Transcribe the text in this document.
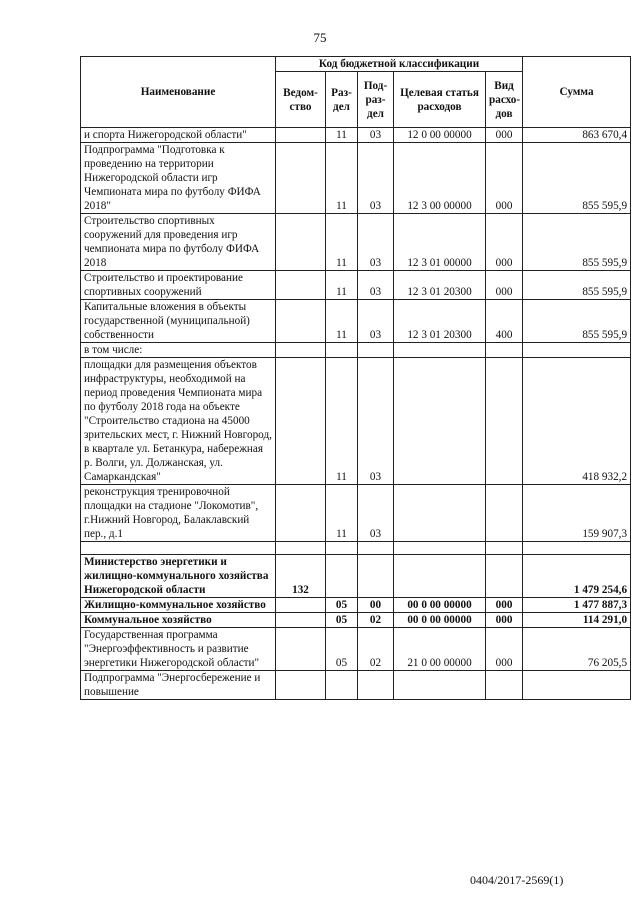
75
Наименование	Код бюджетной классификации					Сумма
	Ведом-ство	Раз-дел	Под-раз-дел	Целевая статья расходов	Вид расхо-дов	
и спорта Нижегородской области"		11	03	12 0 00 00000	000	863 670,4
Подпрограмма "Подготовка к проведению на территории Нижегородской области игр Чемпионата мира по футболу ФИФА 2018"		11	03	12 3 00 00000	000	855 595,9
Строительство спортивных сооружений для проведения игр чемпионата мира по футболу ФИФА 2018		11	03	12 3 01 00000	000	855 595,9
Строительство и проектирование спортивных сооружений		11	03	12 3 01 20300	000	855 595,9
Капитальные вложения в объекты государственной (муниципальной) собственности		11	03	12 3 01 20300	400	855 595,9
в том числе:						
площадки для размещения объектов инфраструктуры, необходимой на период проведения Чемпионата мира по футболу 2018 года на объекте "Строительство стадиона на 45000 зрительских мест, г. Нижний Новгород, в квартале ул. Бетанкура, набережная р. Волги, ул. Должанская, ул. Самаркандская"		11	03			418 932,2
реконструкция тренировочной площадки на стадионе "Локомотив", г.Нижний Новгород, Балаклавский пер., д.1		11	03			159 907,3

Министерство энергетики и жилищно-коммунального хозяйства Нижегородской области	132					1 479 254,6
Жилищно-коммунальное хозяйство		05	00	00 0 00 00000	000	1 477 887,3
Коммунальное хозяйство		05	02	00 0 00 00000	000	114 291,0
Государственная программа "Энергоэффективность и развитие энергетики Нижегородской области"		05	02	21 0 00 00000	000	76 205,5
Подпрограмма "Энергосбережение и повышение						
0404/2017-2569(1)
